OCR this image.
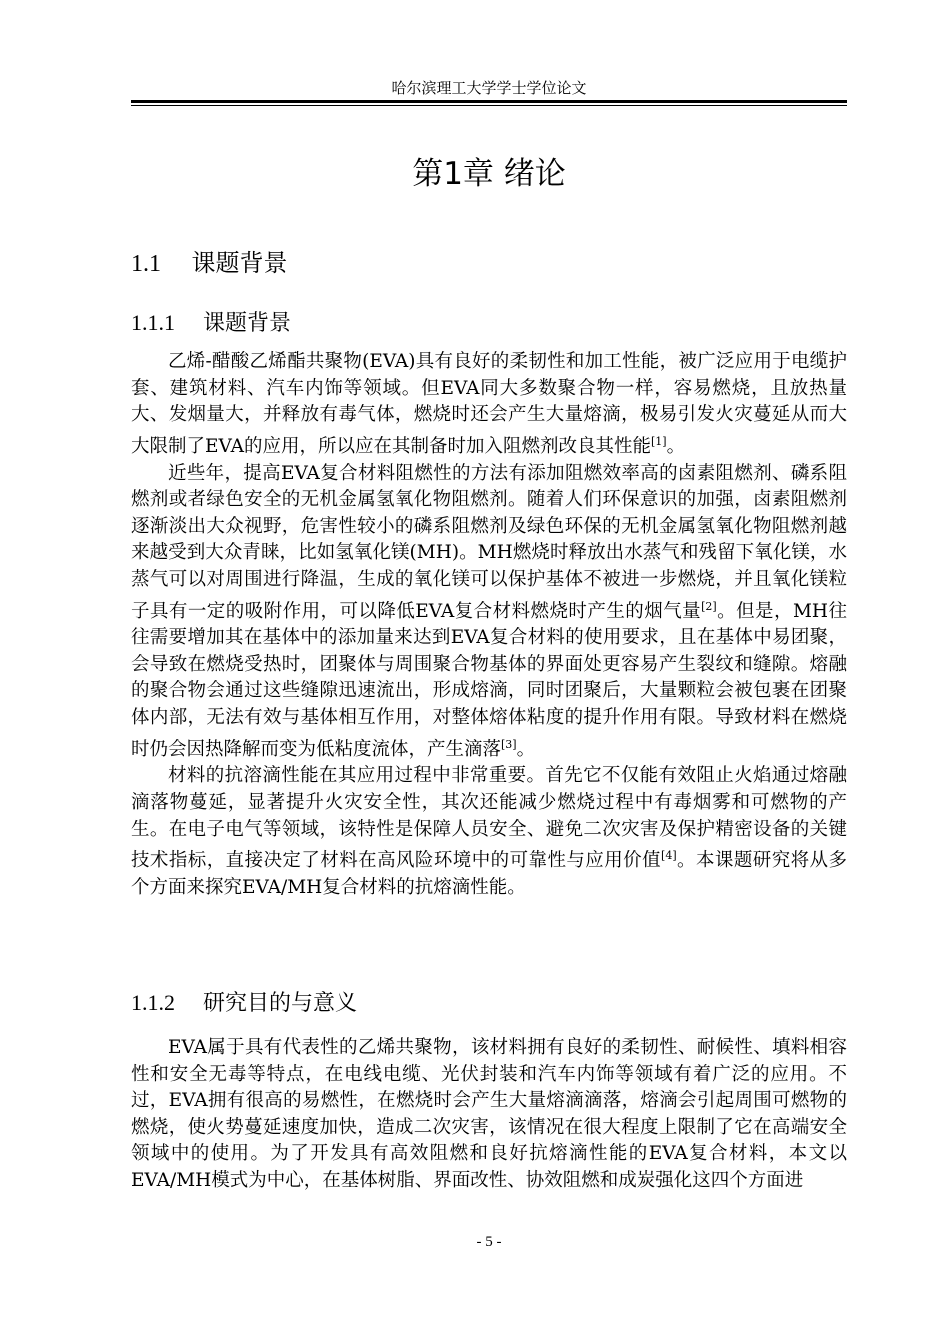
哈尔滨理工大学学士学位论文
第1章 绪论
1.1 课题背景
1.1.1 课题背景

乙烯-醋酸乙烯酯共聚物(EVA)具有良好的柔韧性和加工性能，被广泛应用于电缆护套、建筑材料、汽车内饰等领域。但EVA同大多数聚合物一样，容易燃烧，且放热量大、发烟量大，并释放有毒气体，燃烧时还会产生大量熔滴，极易引发火灾蔓延从而大大限制了EVA的应用，所以应在其制备时加入阻燃剂改良其性能[1]。

近些年，提高EVA复合材料阻燃性的方法有添加阻燃效率高的卤素阻燃剂、磷系阻燃剂或者绿色安全的无机金属氢氧化物阻燃剂。随着人们环保意识的加强，卤素阻燃剂逐渐淡出大众视野，危害性较小的磷系阻燃剂及绿色环保的无机金属氢氧化物阻燃剂越来越受到大众青睐，比如氢氧化镁(MH)。MH燃烧时释放出水蒸气和残留下氧化镁，水蒸气可以对周围进行降温，生成的氧化镁可以保护基体不被进一步燃烧，并且氧化镁粒子具有一定的吸附作用，可以降低EVA复合材料燃烧时产生的烟气量[2]。但是，MH往往需要增加其在基体中的添加量来达到EVA复合材料的使用要求，且在基体中易团聚，会导致在燃烧受热时，团聚体与周围聚合物基体的界面处更容易产生裂纹和缝隙。熔融的聚合物会通过这些缝隙迅速流出，形成熔滴，同时团聚后，大量颗粒会被包裹在团聚体内部，无法有效与基体相互作用，对整体熔体粘度的提升作用有限。导致材料在燃烧时仍会因热降解而变为低粘度流体，产生滴落[3]。

材料的抗溶滴性能在其应用过程中非常重要。首先它不仅能有效阻止火焰通过熔融滴落物蔓延，显著提升火灾安全性，其次还能减少燃烧过程中有毒烟雾和可燃物的产生。在电子电气等领域，该特性是保障人员安全、避免二次灾害及保护精密设备的关键技术指标，直接决定了材料在高风险环境中的可靠性与应用价值[4]。本课题研究将从多个方面来探究EVA/MH复合材料的抗熔滴性能。

1.1.2 研究目的与意义

EVA属于具有代表性的乙烯共聚物，该材料拥有良好的柔韧性、耐候性、填料相容性和安全无毒等特点，在电线电缆、光伏封装和汽车内饰等领域有着广泛的应用。不过，EVA拥有很高的易燃性，在燃烧时会产生大量熔滴滴落，熔滴会引起周围可燃物的燃烧，使火势蔓延速度加快，造成二次灾害，该情况在很大程度上限制了它在高端安全领域中的使用。为了开发具有高效阻燃和良好抗熔滴性能的EVA复合材料，本文以EVA/MH模式为中心，在基体树脂、界面改性、协效阻燃和成炭强化这四个方面进

- 5 -
